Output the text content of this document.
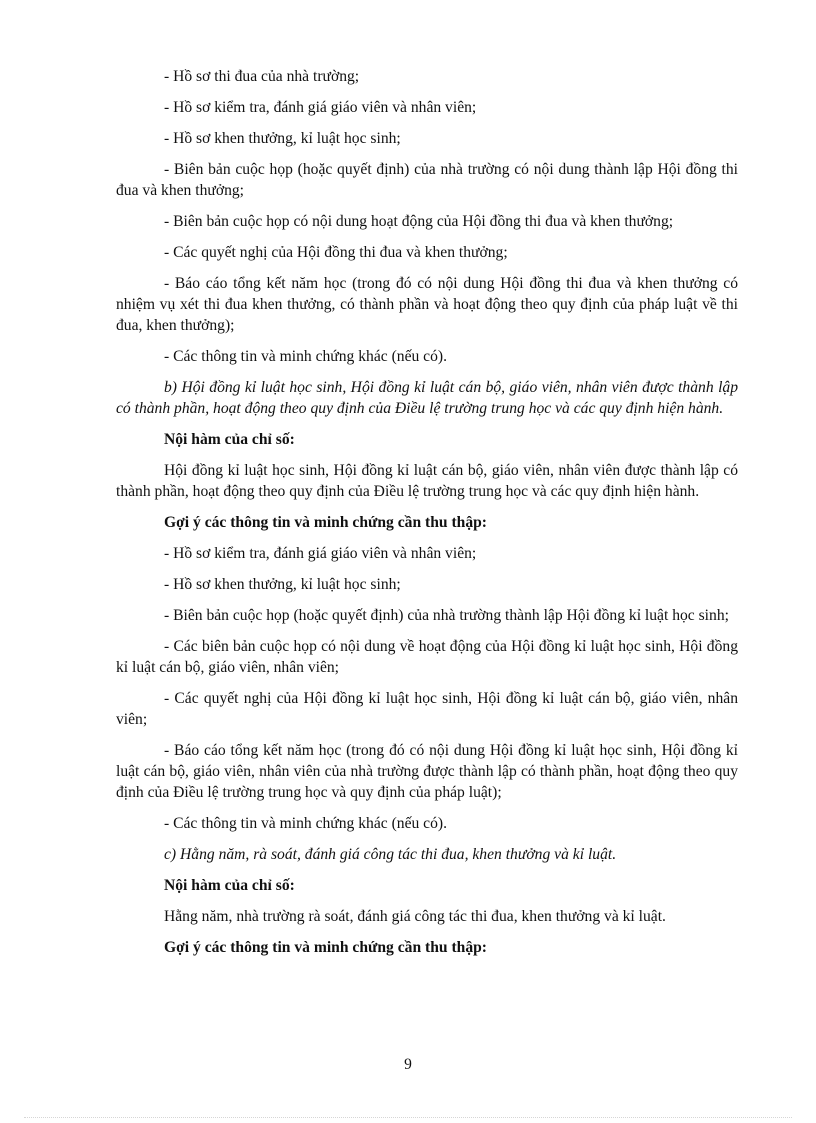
- Hồ sơ thi đua của nhà trường;

- Hồ sơ kiểm tra, đánh giá giáo viên và nhân viên;

- Hồ sơ khen thưởng, kỉ luật học sinh;

- Biên bản cuộc họp (hoặc quyết định) của nhà trường có nội dung thành lập Hội đồng thi đua và khen thưởng;

- Biên bản cuộc họp có nội dung hoạt động của Hội đồng thi đua và khen thưởng;

- Các quyết nghị của Hội đồng thi đua và khen thưởng;

- Báo cáo tổng kết năm học (trong đó có nội dung Hội đồng thi đua và khen thưởng có nhiệm vụ xét thi đua khen thưởng, có thành phần và hoạt động theo quy định của pháp luật về thi đua, khen thưởng);

- Các thông tin và minh chứng khác (nếu có).

b) Hội đồng kỉ luật học sinh, Hội đồng kỉ luật cán bộ, giáo viên, nhân viên được thành lập có thành phần, hoạt động theo quy định của Điều lệ trường trung học và các quy định hiện hành.

Nội hàm của chỉ số:

Hội đồng kỉ luật học sinh, Hội đồng kỉ luật cán bộ, giáo viên, nhân viên được thành lập có thành phần, hoạt động theo quy định của Điều lệ trường trung học và các quy định hiện hành.

Gợi ý các thông tin và minh chứng cần thu thập:

- Hồ sơ kiểm tra, đánh giá giáo viên và nhân viên;

- Hồ sơ khen thưởng, kỉ luật học sinh;

- Biên bản cuộc họp (hoặc quyết định) của nhà trường thành lập Hội đồng kỉ luật học sinh;

- Các biên bản cuộc họp có nội dung về hoạt động của Hội đồng kỉ luật học sinh, Hội đồng kỉ luật cán bộ, giáo viên, nhân viên;

- Các quyết nghị của Hội đồng kỉ luật học sinh, Hội đồng kỉ luật cán bộ, giáo viên, nhân viên;

- Báo cáo tổng kết năm học (trong đó có nội dung Hội đồng kỉ luật học sinh, Hội đồng kỉ luật cán bộ, giáo viên, nhân viên của nhà trường được thành lập có thành phần, hoạt động theo quy định của Điều lệ trường trung học và quy định của pháp luật);

- Các thông tin và minh chứng khác (nếu có).

c) Hằng năm, rà soát, đánh giá công tác thi đua, khen thưởng và kỉ luật.

Nội hàm của chỉ số:

Hằng năm, nhà trường rà soát, đánh giá công tác thi đua, khen thưởng và kỉ luật.

Gợi ý các thông tin và minh chứng cần thu thập:

9
